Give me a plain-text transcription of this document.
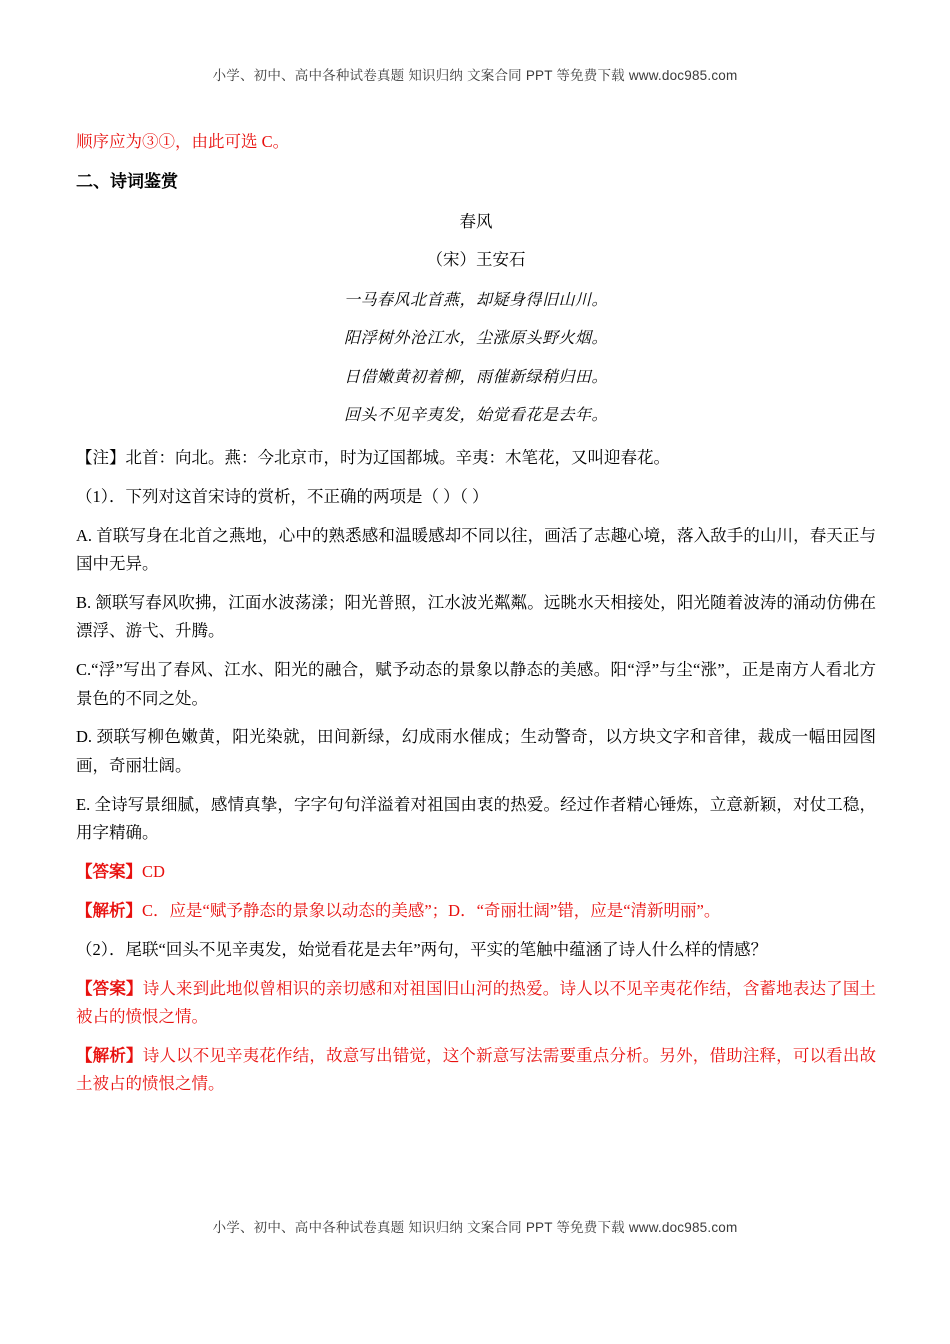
小学、初中、高中各种试卷真题 知识归纳 文案合同 PPT 等免费下载 www.doc985.com

顺序应为③①，由此可选 C。

二、诗词鉴赏

春风

（宋）王安石

一马春风北首燕，却疑身得旧山川。

阳浮树外沧江水，尘涨原头野火烟。

日借嫩黄初着柳，雨催新绿稍归田。

回头不见辛夷发，始觉看花是去年。

【注】北首：向北。燕：今北京市，时为辽国都城。辛夷：木笔花，又叫迎春花。

（1）．下列对这首宋诗的赏析，不正确的两项是（ ）（ ）

A. 首联写身在北首之燕地，心中的熟悉感和温暖感却不同以往，画活了志趣心境，落入敌手的山川，春天正与国中无异。

B. 颔联写春风吹拂，江面水波荡漾；阳光普照，江水波光粼粼。远眺水天相接处，阳光随着波涛的涌动仿佛在漂浮、游弋、升腾。

C.“浮”写出了春风、江水、阳光的融合，赋予动态的景象以静态的美感。阳“浮”与尘“涨”，正是南方人看北方景色的不同之处。

D. 颈联写柳色嫩黄，阳光染就，田间新绿，幻成雨水催成；生动警奇，以方块文字和音律，裁成一幅田园图画，奇丽壮阔。

E. 全诗写景细腻，感情真挚，字字句句洋溢着对祖国由衷的热爱。经过作者精心锤炼，立意新颖，对仗工稳，用字精确。

【答案】CD

【解析】C．应是“赋予静态的景象以动态的美感”；D．“奇丽壮阔”错，应是“清新明丽”。

（2）．尾联“回头不见辛夷发，始觉看花是去年”两句，平实的笔触中蕴涵了诗人什么样的情感？

【答案】诗人来到此地似曾相识的亲切感和对祖国旧山河的热爱。诗人以不见辛夷花作结，含蓄地表达了国土被占的愤恨之情。

【解析】诗人以不见辛夷花作结，故意写出错觉，这个新意写法需要重点分析。另外，借助注释，可以看出故土被占的愤恨之情。

小学、初中、高中各种试卷真题 知识归纳 文案合同 PPT 等免费下载 www.doc985.com
